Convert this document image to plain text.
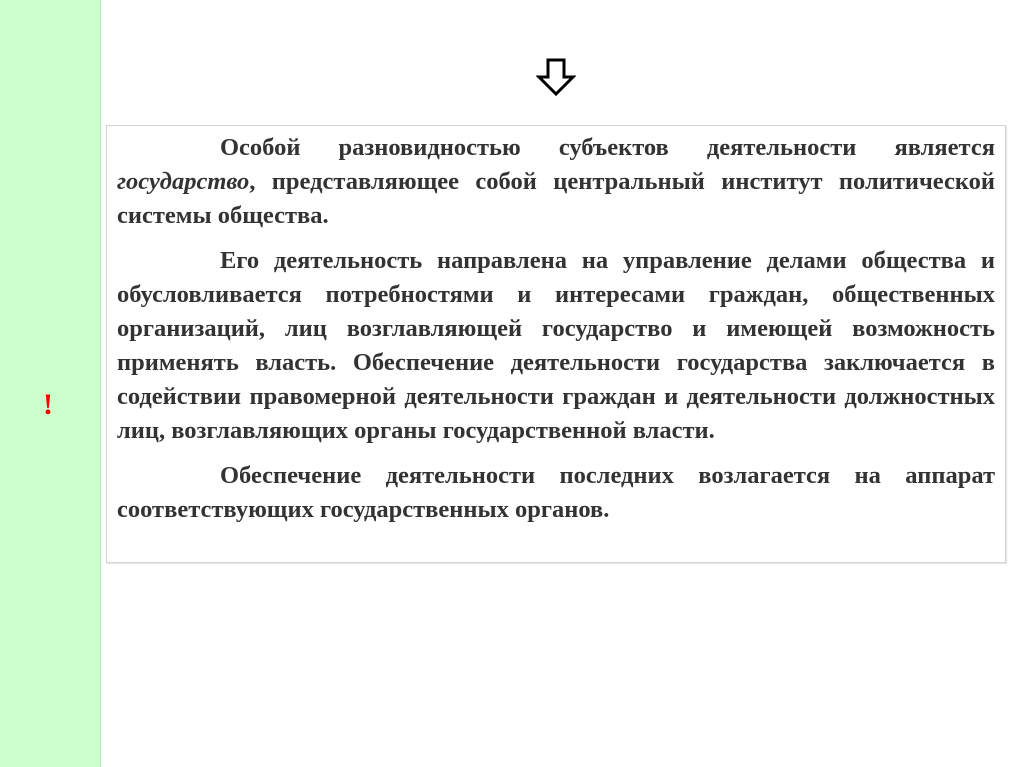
!

Особой разновидностью субъектов деятельности является государство, представляющее собой центральный институт политической системы общества.

Его деятельность направлена на управление делами общества и обусловливается потребностями и интересами граждан, общественных организаций, лиц возглавляющей государство и имеющей возможность применять власть. Обеспечение деятельности государства заключается в содействии правомерной деятельности граждан и деятельности должностных лиц, возглавляющих органы государственной власти.

Обеспечение деятельности последних возлагается на аппарат соответствующих государственных органов.
